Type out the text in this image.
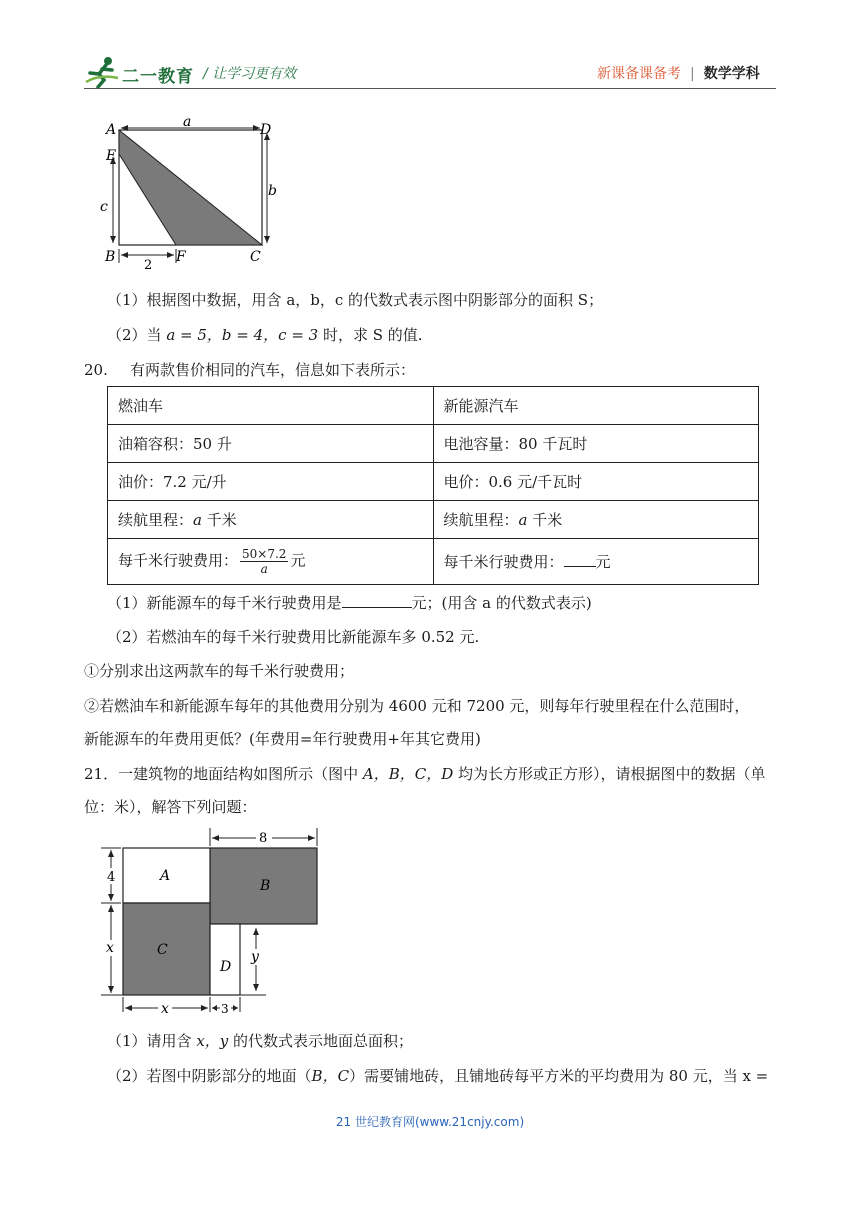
二一教育 / 让学习更有效	新课备课备考 | 数学学科
A
E
D
a
b
c
B	F	C
2
（1）根据图中数据，用含 a，b，c 的代数式表示图中阴影部分的面积 S；
（2）当 a = 5，b = 4，c = 3 时，求 S 的值.
20. 有两款售价相同的汽车，信息如下表所示：
燃油车	新能源汽车
油箱容积：50 升	电池容量：80 千瓦时
油价：7.2 元/升	电价：0.6 元/千瓦时
续航里程：a 千米	续航里程：a 千米
每千米行驶费用： $\frac{50\times 7.2}{a}$ 元	每千米行驶费用： 元
（1）新能源车的每千米行驶费用是	元；(用含 a 的代数式表示)
（2）若燃油车的每千米行驶费用比新能源车多 0.52 元.
①分别求出这两款车的每千米行驶费用；
②若燃油车和新能源车每年的其他费用分别为 4600 元和 7200 元，则每年行驶里程在什么范围时，
新能源车的年费用更低？(年费用=年行驶费用+年其它费用)
21．一建筑物的地面结构如图所示（图中 A，B，C，D 均为长方形或正方形），请根据图中的数据（单
位：米），解答下列问题：
A
B
C
D
8
4
x
x	3
y
（1）请用含 x，y 的代数式表示地面总面积；
（2）若图中阴影部分的地面（B，C）需要铺地砖，且铺地砖每平方米的平均费用为 80 元，当 x =
21 世纪教育网(www.21cnjy.com)
